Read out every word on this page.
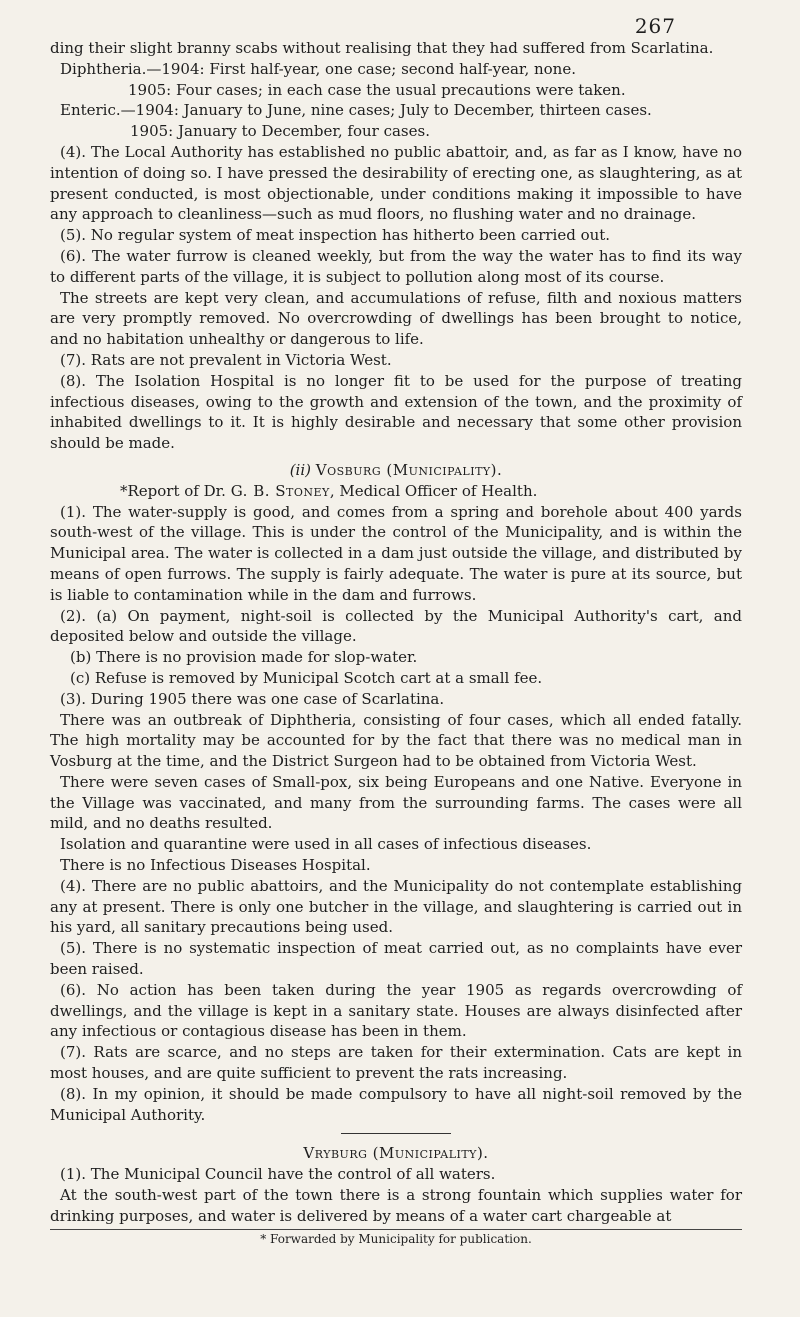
267

ding their slight branny scabs without realising that they had suffered from Scarlatina.

Diphtheria.—1904: First half-year, one case; second half-year, none.

1905: Four cases; in each case the usual precautions were taken.

Enteric.—1904: January to June, nine cases; July to December, thirteen cases.

1905: January to December, four cases.

(4). The Local Authority has established no public abattoir, and, as far as I know, have no intention of doing so. I have pressed the desirability of erecting one, as slaughtering, as at present conducted, is most objectionable, under conditions making it impossible to have any approach to cleanliness—such as mud floors, no flushing water and no drainage.

(5). No regular system of meat inspection has hitherto been carried out.

(6). The water furrow is cleaned weekly, but from the way the water has to find its way to different parts of the village, it is subject to pollution along most of its course.

The streets are kept very clean, and accumulations of refuse, filth and noxious matters are very promptly removed. No overcrowding of dwellings has been brought to notice, and no habitation unhealthy or dangerous to life.

(7). Rats are not prevalent in Victoria West.

(8). The Isolation Hospital is no longer fit to be used for the purpose of treating infectious diseases, owing to the growth and extension of the town, and the proximity of inhabited dwellings to it. It is highly desirable and necessary that some other provision should be made.

(ii) Vosburg (Municipality).

*Report of Dr. G. B. Stoney, Medical Officer of Health.

(1). The water-supply is good, and comes from a spring and borehole about 400 yards south-west of the village. This is under the control of the Municipality, and is within the Municipal area. The water is collected in a dam just outside the village, and distributed by means of open furrows. The supply is fairly adequate. The water is pure at its source, but is liable to contamination while in the dam and furrows.

(2). (a) On payment, night-soil is collected by the Municipal Authority's cart, and deposited below and outside the village.

(b) There is no provision made for slop-water.

(c) Refuse is removed by Municipal Scotch cart at a small fee.

(3). During 1905 there was one case of Scarlatina.

There was an outbreak of Diphtheria, consisting of four cases, which all ended fatally. The high mortality may be accounted for by the fact that there was no medical man in Vosburg at the time, and the District Surgeon had to be obtained from Victoria West.

There were seven cases of Small-pox, six being Europeans and one Native. Everyone in the Village was vaccinated, and many from the surrounding farms. The cases were all mild, and no deaths resulted.

Isolation and quarantine were used in all cases of infectious diseases.

There is no Infectious Diseases Hospital.

(4). There are no public abattoirs, and the Municipality do not contemplate establishing any at present. There is only one butcher in the village, and slaughtering is carried out in his yard, all sanitary precautions being used.

(5). There is no systematic inspection of meat carried out, as no complaints have ever been raised.

(6). No action has been taken during the year 1905 as regards overcrowding of dwellings, and the village is kept in a sanitary state. Houses are always disinfected after any infectious or contagious disease has been in them.

(7). Rats are scarce, and no steps are taken for their extermination. Cats are kept in most houses, and are quite sufficient to prevent the rats increasing.

(8). In my opinion, it should be made compulsory to have all night-soil removed by the Municipal Authority.

Vryburg (Municipality).

(1). The Municipal Council have the control of all waters.

At the south-west part of the town there is a strong fountain which supplies water for drinking purposes, and water is delivered by means of a water cart chargeable at

* Forwarded by Municipality for publication.
